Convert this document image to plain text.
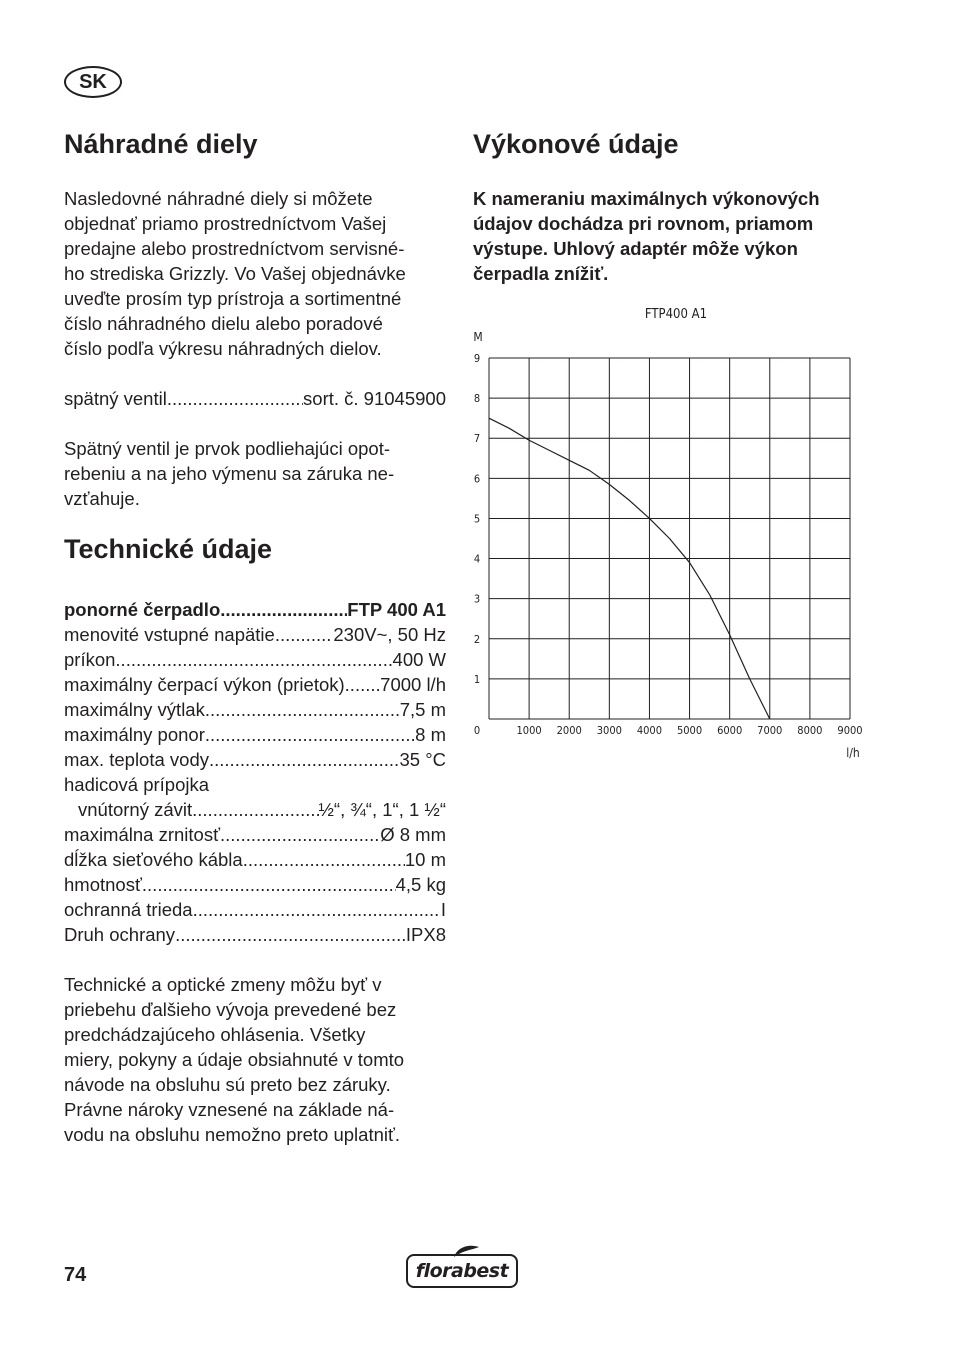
SK
Náhradné diely

Nasledovné náhradné diely si môžete

objednať priamo prostredníctvom Vašej

predajne alebo prostredníctvom servisné-

ho strediska Grizzly. Vo Vašej objednávke

uveďte prosím typ prístroja a sortimentné

číslo náhradného dielu alebo poradové

číslo podľa výkresu náhradných dielov.

spätný ventil .....	sort. č. 91045900

Spätný ventil je prvok podliehajúci opot-

rebeniu a na jeho výmenu sa záruka ne-

vzťahuje.

Technické údaje
ponorné čerpadlo .....	FTP 400 A1
menovité vstupné napätie .....	230V~, 50 Hz
príkon .....	400 W
maximálny čerpací výkon (prietok) ..... 7000 l/h
maximálny výtlak .....	7,5 m
maximálny ponor .....	8 m
max. teplota vody .....	35 °C
hadicová prípojka
vnútorný závit .....	½“, ¾“, 1“, 1 ½“
maximálna zrnitosť .....	Ø 8 mm
dĺžka sieťového kábla .....	10 m
hmotnosť .....	4,5 kg
ochranná trieda .....	I
Druh ochrany .....	IPX8

Technické a optické zmeny môžu byť v

priebehu ďalšieho vývoja prevedené bez

predchádzajúceho ohlásenia. Všetky

miery, pokyny a údaje obsiahnuté v tomto

návode na obsluhu sú preto bez záruky.

Právne nároky vznesené na základe ná-

vodu na obsluhu nemožno preto uplatniť.

Výkonové údaje

K nameraniu maximálnych výkonových

údajov dochádza pri rovnom, priamom

výstupe. Uhlový adaptér môže výkon

čerpadla znížiť.

FTP400 A1
M
l/h
0	1000 2000 3000 4000 5000 6000 7000 8000 9000
1
2
3
4
5
6
7
8
9
74	florabest
